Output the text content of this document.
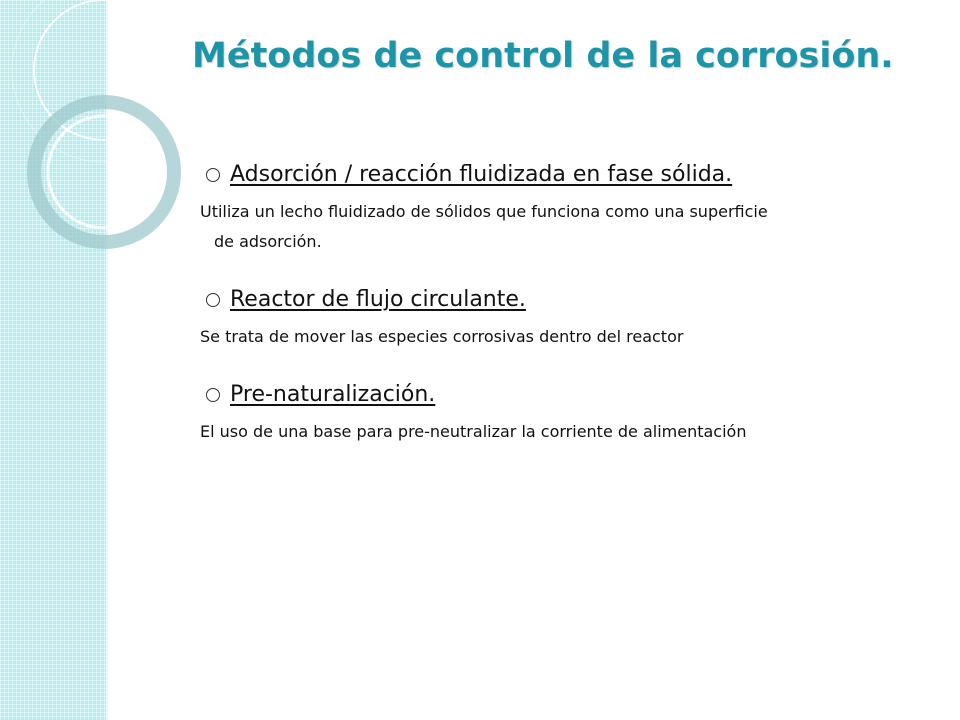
Métodos de control de la corrosión.
Adsorción / reacción fluidizada en fase sólida.
Utiliza un lecho fluidizado de sólidos que funciona como una superficie
de adsorción.
Reactor de flujo circulante.
Se trata de mover las especies corrosivas dentro del reactor
Pre-naturalización.
El uso de una base para pre-neutralizar la corriente de alimentación
